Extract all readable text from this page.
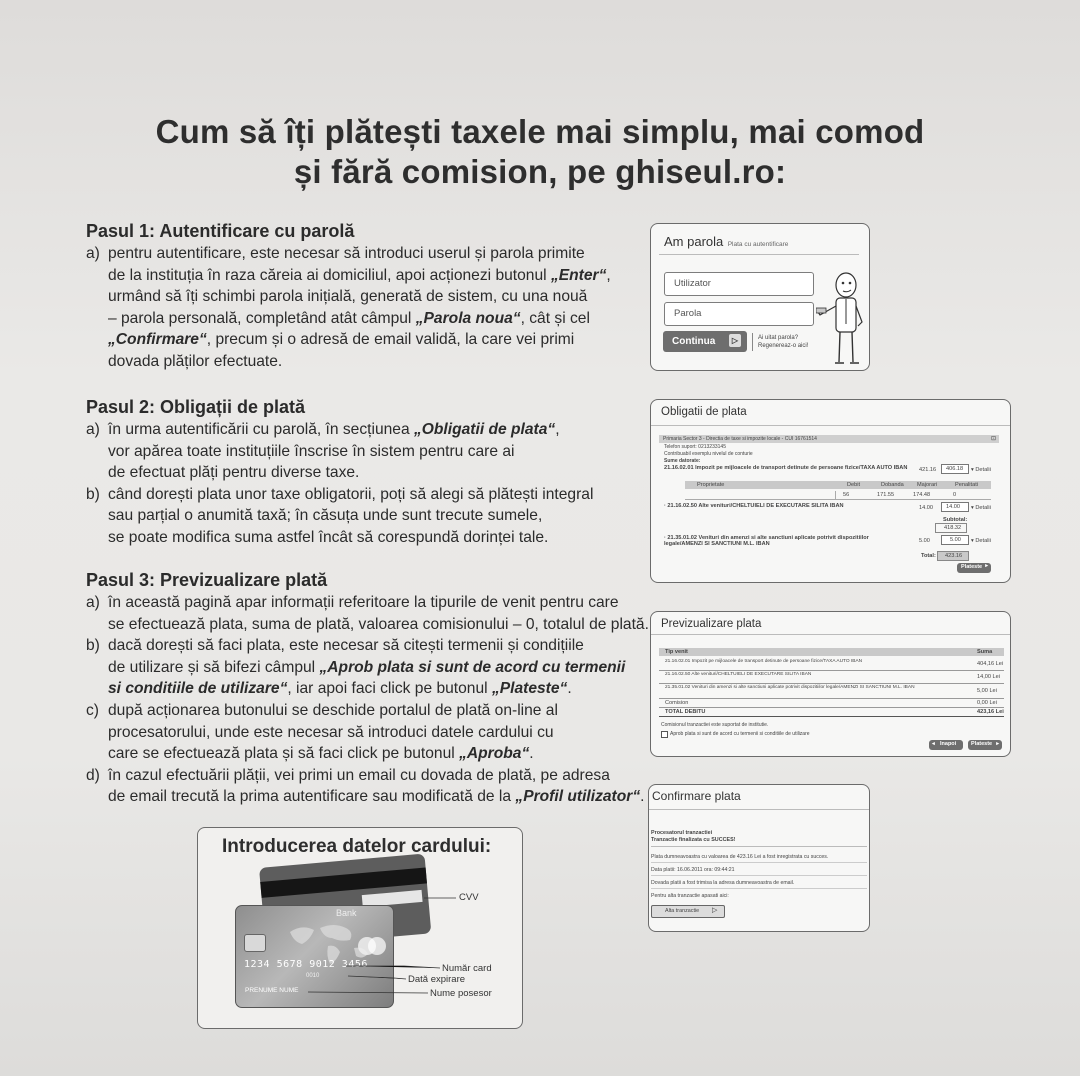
Cum să îți plătești taxele mai simplu, mai comod
și fără comision, pe ghiseul.ro:
Pasul 1: Autentificare cu parolă
a) pentru autentificare, este necesar să introduci userul și parola primite
de la instituția în raza căreia ai domiciliul, apoi acționezi butonul „Enter“,
urmând să îți schimbi parola inițială, generată de sistem, cu una nouă
– parola personală, completând atât câmpul „Parola noua“, cât și cel
„Confirmare“, precum și o adresă de email validă, la care vei primi
dovada plăților efectuate.
Pasul 2: Obligații de plată
a) în urma autentificării cu parolă, în secțiunea „Obligatii de plata“,
vor apărea toate instituțiile înscrise în sistem pentru care ai
de efectuat plăți pentru diverse taxe.
b) când dorești plata unor taxe obligatorii, poți să alegi să plătești integral
sau parțial o anumită taxă; în căsuța unde sunt trecute sumele,
se poate modifica suma astfel încât să corespundă dorinței tale.
Pasul 3: Previzualizare plată
a) în această pagină apar informații referitoare la tipurile de venit pentru care
se efectuează plata, suma de plată, valoarea comisionului – 0, totalul de plată.
b) dacă dorești să faci plata, este necesar să citești termenii și condițiile
de utilizare și să bifezi câmpul „Aprob plata si sunt de acord cu termenii
si conditiile de utilizare“, iar apoi faci click pe butonul „Plateste“.
c) după acționarea butonului se deschide portalul de plată on-line al
procesatorului, unde este necesar să introduci datele cardului cu
care se efectuează plata și să faci click pe butonul „Aproba“.
d) în cazul efectuării plății, vei primi un email cu dovada de plată, pe adresa
de email trecută la prima autentificare sau modificată de la „Profil utilizator“.
Am parola Plata cu autentificare
Utilizator
Parola
Continua	▷	Ai uitat parola?
Regenereaz-o aici!
Obligatii de plata
Primaria Sector 3 - Directia de taxe si impozite locale - CUI 16761514	⊡
Telefon suport: 0213233145
Contribuabil exemplu nivelul de conturie
Sume datorate:
21.16.02.01 Impozit pe mijloacele de transport detinute de persoane fizice/TAXA AUTO IBAN	421.16 406.18 ▾ Detalii
Proprietate	Debit	Dobanda Majorari	Penalitati
56	171.55	174.48	0
· 21.16.02.50 Alte venituri/CHELTUIELI DE EXECUTARE SILITA IBAN	14.00 14.00 ▾ Detalii
Subtotal:
418.32
· 21.35.01.02 Venituri din amenzi si alte sanctiuni aplicate potrivit dispozitiilor legale/AMENZI SI SANCTIUNI M.L. IBAN	5.00	5.00 ▾ Detalii
Total: 423.16
Plateste ▸
Previzualizare plata
Tip venit	Suma
21.16.02.01 Impozit pe mijloacele de transport detinute de persoane fizice/TAXA AUTO IBAN	404,16 Lei
21.16.02.50 Alte venituri/CHELTUIELI DE EXECUTARE SILITA IBAN	14,00 Lei
21.35.01.02 Venituri din amenzi si alte sanctiuni aplicate potrivit dispozitiilor legale/AMENZI SI SANCTIUNI M.L. IBAN
5,00 Lei
Comision	0,00 Lei
TOTAL DEBITU	423,16 Lei
Comisionul tranzactiei este suportat de institutie.
Aprob plata si sunt de acord cu termenii si conditiile de utilizare
◂ Inapoi	Plateste ▸
Confirmare plata
Procesatorul tranzactiei
Tranzactie finalizata cu SUCCES!
Plata dumneavoastra cu valoarea de 423.16 Lei a fost inregistrata cu succes.
Data platii: 16.06.2011 ora: 09:44:21
Dovada platii a fost trimisa la adresa dumneavoastra de email.
Pentru alta tranzactie apasati aici:
Alta tranzactie ▷
Introducerea datelor cardului:
Bank
1234 5678 9012 3456
0010
PRENUME NUME
CVV
Număr card
Dată expirare
Nume posesor
